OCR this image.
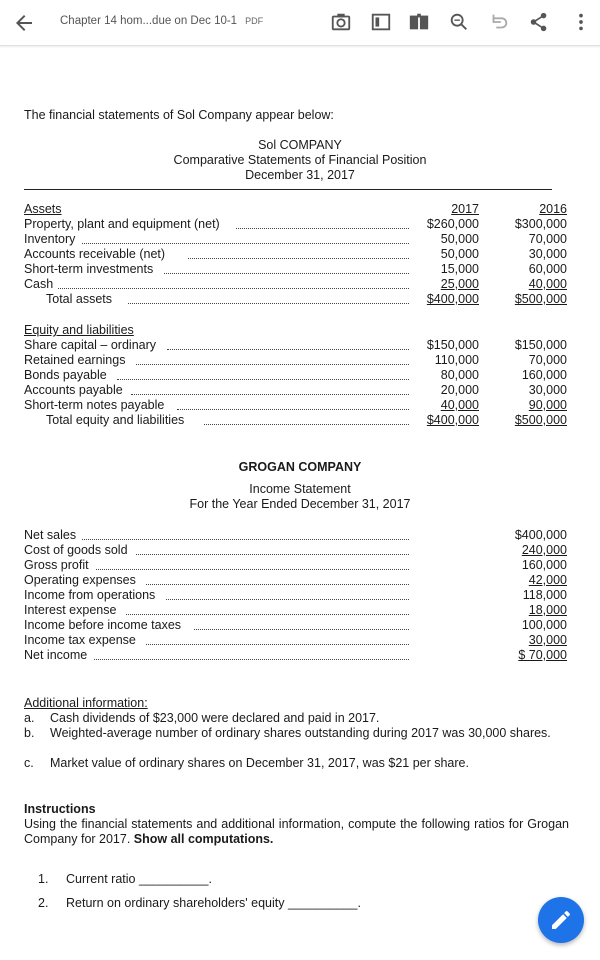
Chapter 14 hom...due on Dec 10-1 PDF
The financial statements of Sol Company appear below:
Sol COMPANY
Comparative Statements of Financial Position
December 31, 2017
Assets	2017	2016
Property, plant and equipment (net)	$260,000	$300,000
Inventory	50,000	70,000
Accounts receivable (net)	50,000	30,000
Short-term investments	15,000	60,000
Cash	25,000	40,000
Total assets	$400,000	$500,000
Equity and liabilities
Share capital – ordinary	$150,000	$150,000
Retained earnings	110,000	70,000
Bonds payable	80,000	160,000
Accounts payable	20,000	30,000
Short-term notes payable	40,000	90,000
Total equity and liabilities	$400,000	$500,000
GROGAN COMPANY
Income Statement
For the Year Ended December 31, 2017
Net sales	$400,000
Cost of goods sold	240,000
Gross profit	160,000
Operating expenses	42,000
Income from operations	118,000
Interest expense	18,000
Income before income taxes	100,000
Income tax expense	30,000
Net income	$ 70,000
Additional information:
a. Cash dividends of $23,000 were declared and paid in 2017.
b. Weighted-average number of ordinary shares outstanding during 2017 was 30,000 shares.
c. Market value of ordinary shares on December 31, 2017, was $21 per share.
Instructions
Using the financial statements and additional information, compute the following ratios for Grogan Company for 2017. Show all computations.
1. Current ratio __________.
2. Return on ordinary shareholders' equity __________.
